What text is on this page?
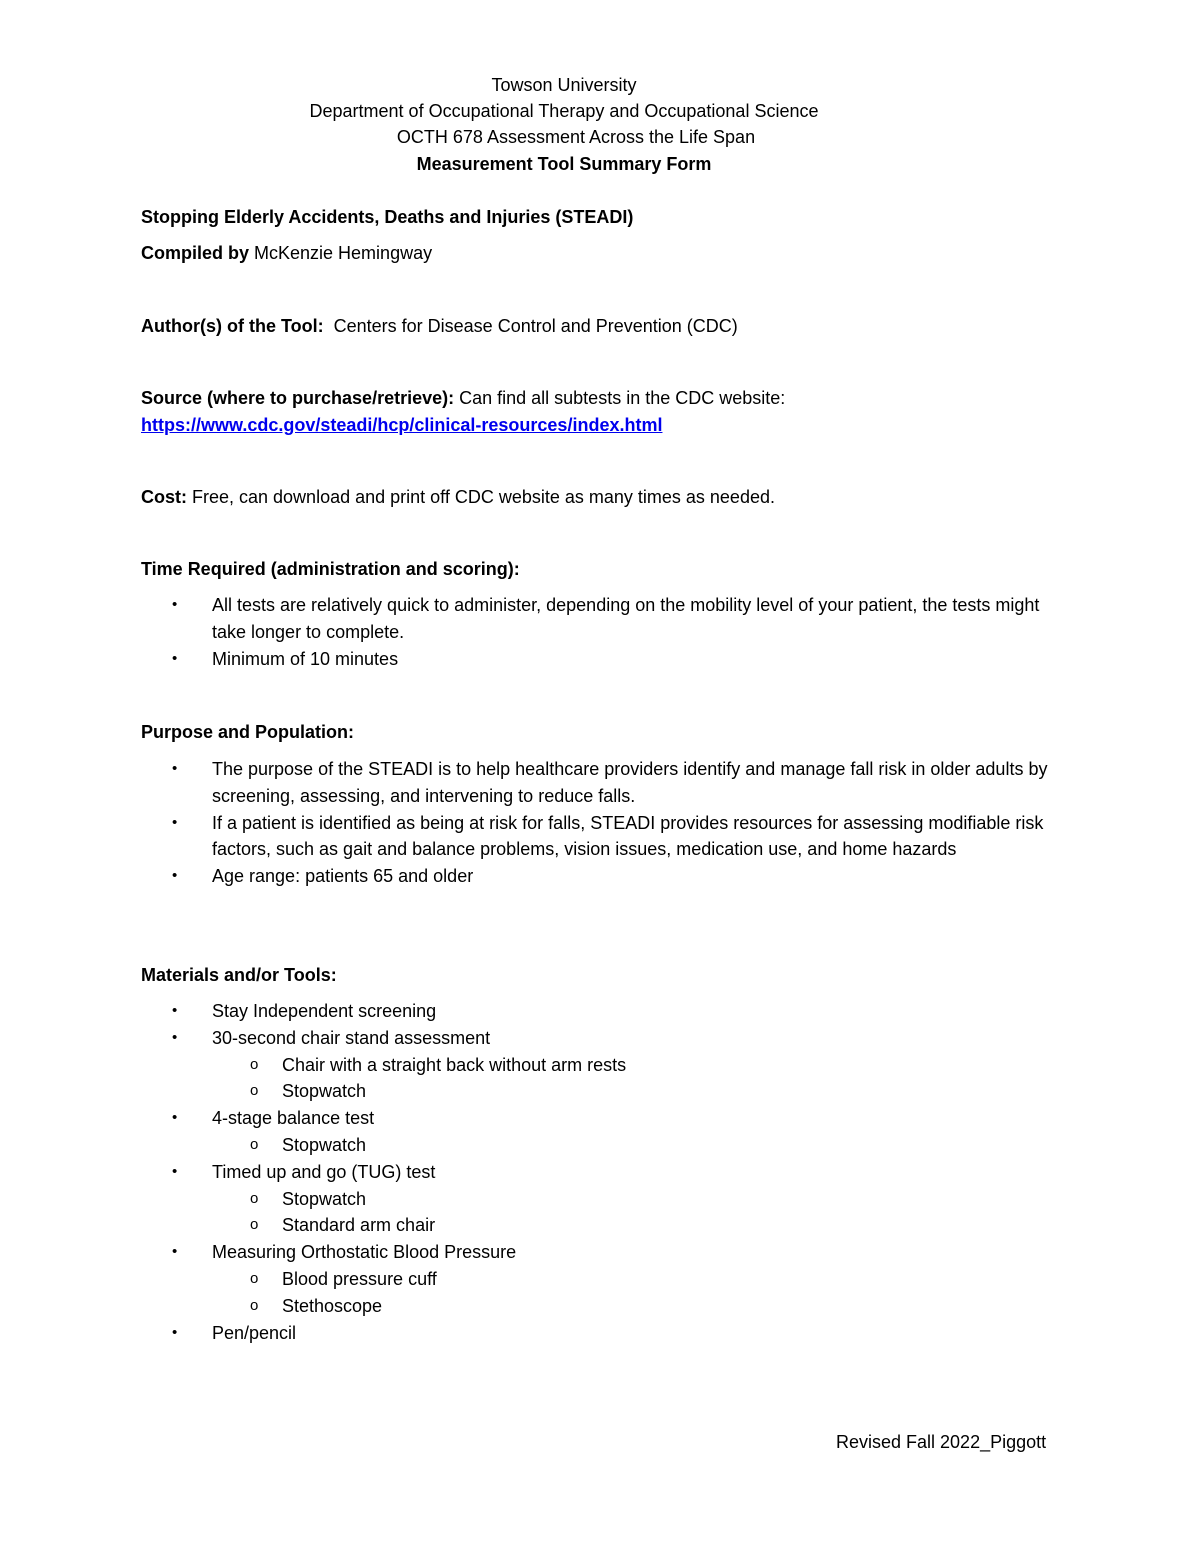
Towson University
Department of Occupational Therapy and Occupational Science
OCTH 678 Assessment Across the Life Span
Measurement Tool Summary Form
Stopping Elderly Accidents, Deaths and Injuries (STEADI)
Compiled by McKenzie Hemingway
Author(s) of the Tool:  Centers for Disease Control and Prevention (CDC)
Source (where to purchase/retrieve): Can find all subtests in the CDC website:
https://www.cdc.gov/steadi/hcp/clinical-resources/index.html
Cost: Free, can download and print off CDC website as many times as needed.
Time Required (administration and scoring):
• All tests are relatively quick to administer, depending on the mobility level of your patient, the tests might take longer to complete.
• Minimum of 10 minutes
Purpose and Population:
• The purpose of the STEADI is to help healthcare providers identify and manage fall risk in older adults by screening, assessing, and intervening to reduce falls.
• If a patient is identified as being at risk for falls, STEADI provides resources for assessing modifiable risk factors, such as gait and balance problems, vision issues, medication use, and home hazards
• Age range: patients 65 and older
Materials and/or Tools:
• Stay Independent screening
• 30-second chair stand assessment
o Chair with a straight back without arm rests
o Stopwatch
• 4-stage balance test
o Stopwatch
• Timed up and go (TUG) test
o Stopwatch
o Standard arm chair
• Measuring Orthostatic Blood Pressure
o Blood pressure cuff
o Stethoscope
• Pen/pencil
Revised Fall 2022_Piggott
